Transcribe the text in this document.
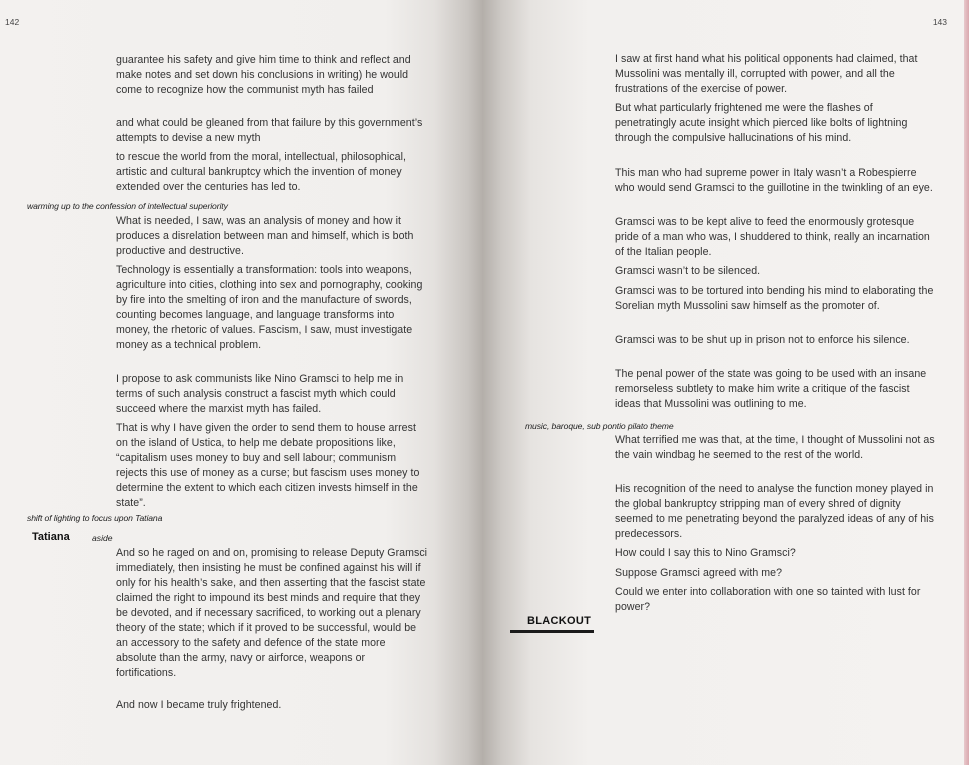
142

guarantee his safety and give him time to think and reflect and make notes and set down his conclusions in writing) he would come to recognize how the communist myth has failed

and what could be gleaned from that failure by this government’s attempts to devise a new myth

to rescue the world from the moral, intellectual, philosophical, artistic and cultural bankruptcy which the invention of money extended over the centuries has led to.

warming up to the confession of intellectual superiority

What is needed, I saw, was an analysis of money and how it produces a disrelation between man and himself, which is both productive and destructive.

Technology is essentially a transformation: tools into weapons, agriculture into cities, clothing into sex and pornography, cooking by fire into the smelting of iron and the manufacture of swords, counting becomes language, and language transforms into money, the rhetoric of values. Fascism, I saw, must investigate money as a technical problem.

I propose to ask communists like Nino Gramsci to help me in terms of such analysis construct a fascist myth which could succeed where the marxist myth has failed.

That is why I have given the order to send them to house arrest on the island of Ustica, to help me debate propositions like, “capitalism uses money to buy and sell labour; communism rejects this use of money as a curse; but fascism uses money to determine the extent to which each citizen invests himself in the state”.

shift of lighting to focus upon Tatiana
Tatiana	aside

And so he raged on and on, promising to release Deputy Gramsci immediately, then insisting he must be confined against his will if only for his health’s sake, and then asserting that the fascist state claimed the right to impound its best minds and require that they be devoted, and if necessary sacrificed, to working out a plenary theory of the state; which if it proved to be successful, would be an accessory to the safety and defence of the state more absolute than the army, navy or airforce, weapons or fortifications.

And now I became truly frightened.

143

I saw at first hand what his political opponents had claimed, that Mussolini was mentally ill, corrupted with power, and all the frustrations of the exercise of power.

But what particularly frightened me were the flashes of penetratingly acute insight which pierced like bolts of lightning through the compulsive hallucinations of his mind.

This man who had supreme power in Italy wasn’t a Robespierre who would send Gramsci to the guillotine in the twinkling of an eye.

Gramsci was to be kept alive to feed the enormously grotesque pride of a man who was, I shuddered to think, really an incarnation of the Italian people.

Gramsci wasn’t to be silenced.

Gramsci was to be tortured into bending his mind to elaborating the Sorelian myth Mussolini saw himself as the promoter of.

Gramsci was to be shut up in prison not to enforce his silence.

The penal power of the state was going to be used with an insane remorseless subtlety to make him write a critique of the fascist ideas that Mussolini was outlining to me.

music, baroque, sub pontio pilato theme

What terrified me was that, at the time, I thought of Mussolini not as the vain windbag he seemed to the rest of the world.

His recognition of the need to analyse the function money played in the global bankruptcy stripping man of every shred of dignity seemed to me penetrating beyond the paralyzed ideas of any of his predecessors.

How could I say this to Nino Gramsci?

Suppose Gramsci agreed with me?

Could we enter into collaboration with one so tainted with lust for power?

BLACKOUT
